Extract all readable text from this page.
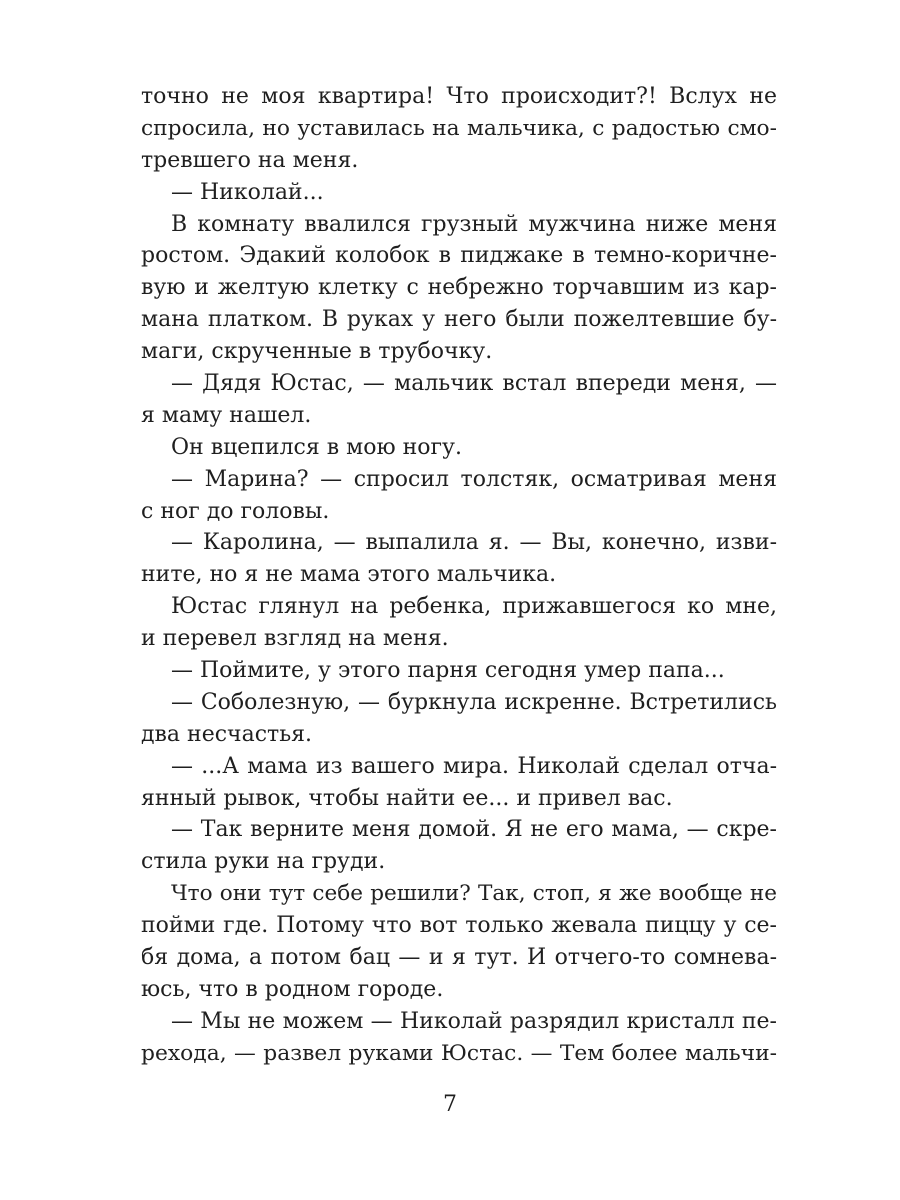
точно не моя квартира! Что происходит?! Вслух не
спросила, но уставилась на мальчика, с радостью смо-
тревшего на меня.
— Николай...
В комнату ввалился грузный мужчина ниже меня
ростом. Эдакий колобок в пиджаке в темно-коричне-
вую и желтую клетку с небрежно торчавшим из кар-
мана платком. В руках у него были пожелтевшие бу-
маги, скрученные в трубочку.
— Дядя Юстас, — мальчик встал впереди меня, —
я маму нашел.
Он вцепился в мою ногу.
— Марина? — спросил толстяк, осматривая меня
с ног до головы.
— Каролина, — выпалила я. — Вы, конечно, изви-
ните, но я не мама этого мальчика.
Юстас глянул на ребенка, прижавшегося ко мне,
и перевел взгляд на меня.
— Поймите, у этого парня сегодня умер папа...
— Соболезную, — буркнула искренне. Встретились
два несчастья.
— ...А мама из вашего мира. Николай сделал отча-
янный рывок, чтобы найти ее... и привел вас.
— Так верните меня домой. Я не его мама, — скре-
стила руки на груди.
Что они тут себе решили? Так, стоп, я же вообще не
пойми где. Потому что вот только жевала пиццу у се-
бя дома, а потом бац — и я тут. И отчего-то сомнева-
юсь, что в родном городе.
— Мы не можем — Николай разрядил кристалл пе-
рехода, — развел руками Юстас. — Тем более мальчи-
7
